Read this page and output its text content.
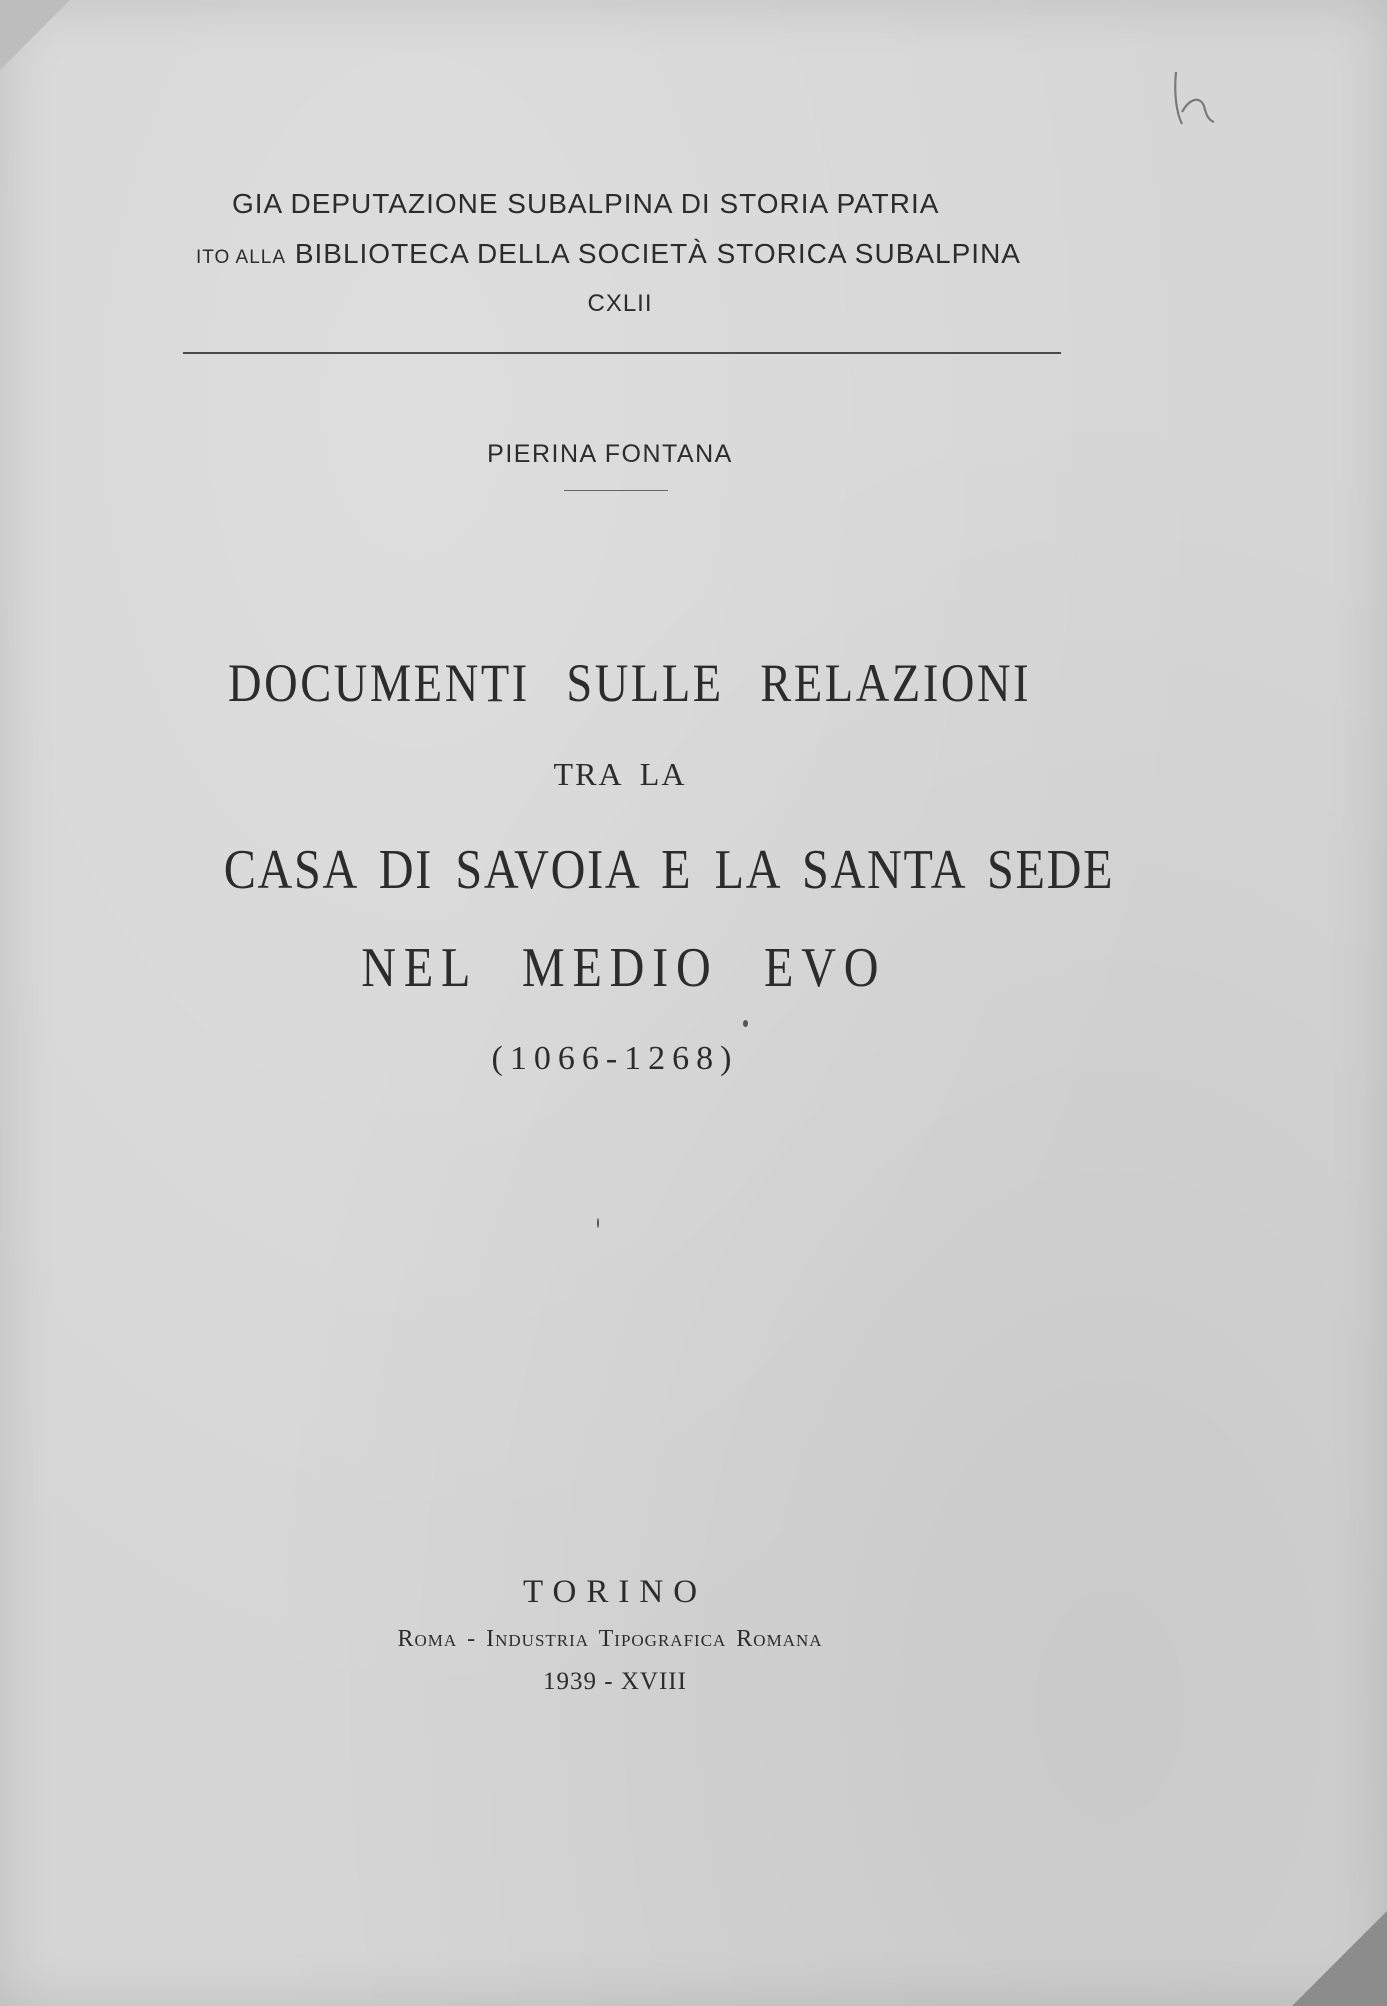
GIA DEPUTAZIONE SUBALPINA DI STORIA PATRIA
ITO ALLA BIBLIOTECA DELLA SOCIETÀ STORICA SUBALPINA
CXLII
PIERINA FONTANA
DOCUMENTI SULLE RELAZIONI
TRA LA
CASA DI SAVOIA E LA SANTA SEDE
NEL MEDIO EVO
(1066-1268)
TORINO
Roma - Industria Tipografica Romana
1939 - XVIII
